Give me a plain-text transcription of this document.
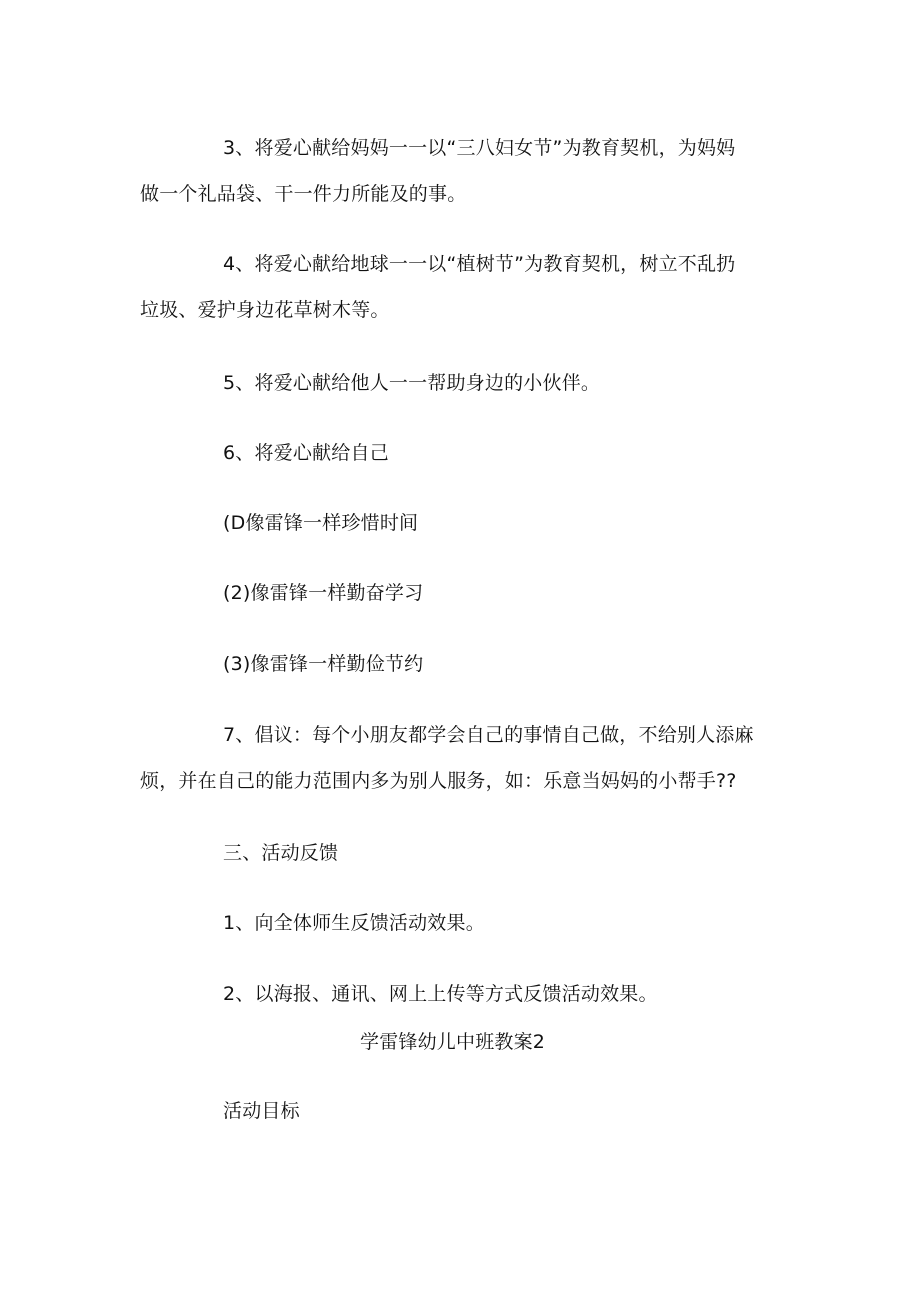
3、将爱心献给妈妈一一以“三八妇女节”为教育契机，为妈妈
做一个礼品袋、干一件力所能及的事。
4、将爱心献给地球一一以“植树节”为教育契机，树立不乱扔
垃圾、爱护身边花草树木等。
5、将爱心献给他人一一帮助身边的小伙伴。
6、将爱心献给自己
(D像雷锋一样珍惜时间
(2)像雷锋一样勤奋学习
(3)像雷锋一样勤俭节约
7、倡议：每个小朋友都学会自己的事情自己做，不给别人添麻
烦，并在自己的能力范围内多为别人服务，如：乐意当妈妈的小帮手??
三、活动反馈
1、向全体师生反馈活动效果。
2、以海报、通讯、网上上传等方式反馈活动效果。
学雷锋幼儿中班教案2
活动目标
